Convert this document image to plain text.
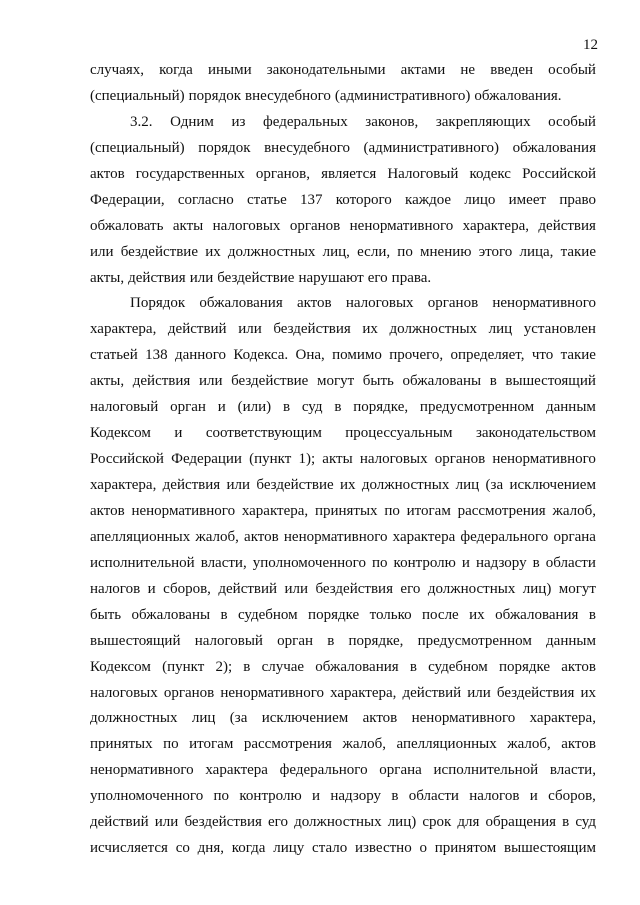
12
случаях, когда иными законодательными актами не введен особый
(специальный) порядок внесудебного (административного) обжалования.
3.2. Одним из федеральных законов, закрепляющих особый
(специальный) порядок внесудебного (административного) обжалования
актов государственных органов, является Налоговый кодекс Российской
Федерации, согласно статье 137 которого каждое лицо имеет право
обжаловать акты налоговых органов ненормативного характера, действия
или бездействие их должностных лиц, если, по мнению этого лица, такие
акты, действия или бездействие нарушают его права.
Порядок обжалования актов налоговых органов ненормативного
характера, действий или бездействия их должностных лиц установлен
статьей 138 данного Кодекса. Она, помимо прочего, определяет, что такие
акты, действия или бездействие могут быть обжалованы в вышестоящий
налоговый орган и (или) в суд в порядке, предусмотренном данным
Кодексом и соответствующим процессуальным законодательством
Российской Федерации (пункт 1); акты налоговых органов ненормативного
характера, действия или бездействие их должностных лиц (за исключением
актов ненормативного характера, принятых по итогам рассмотрения жалоб,
апелляционных жалоб, актов ненормативного характера федерального органа
исполнительной власти, уполномоченного по контролю и надзору в области
налогов и сборов, действий или бездействия его должностных лиц) могут
быть обжалованы в судебном порядке только после их обжалования в
вышестоящий налоговый орган в порядке, предусмотренном данным
Кодексом (пункт 2); в случае обжалования в судебном порядке актов
налоговых органов ненормативного характера, действий или бездействия их
должностных лиц (за исключением актов ненормативного характера,
принятых по итогам рассмотрения жалоб, апелляционных жалоб, актов
ненормативного характера федерального органа исполнительной власти,
уполномоченного по контролю и надзору в области налогов и сборов,
действий или бездействия его должностных лиц) срок для обращения в суд
исчисляется со дня, когда лицу стало известно о принятом вышестоящим
